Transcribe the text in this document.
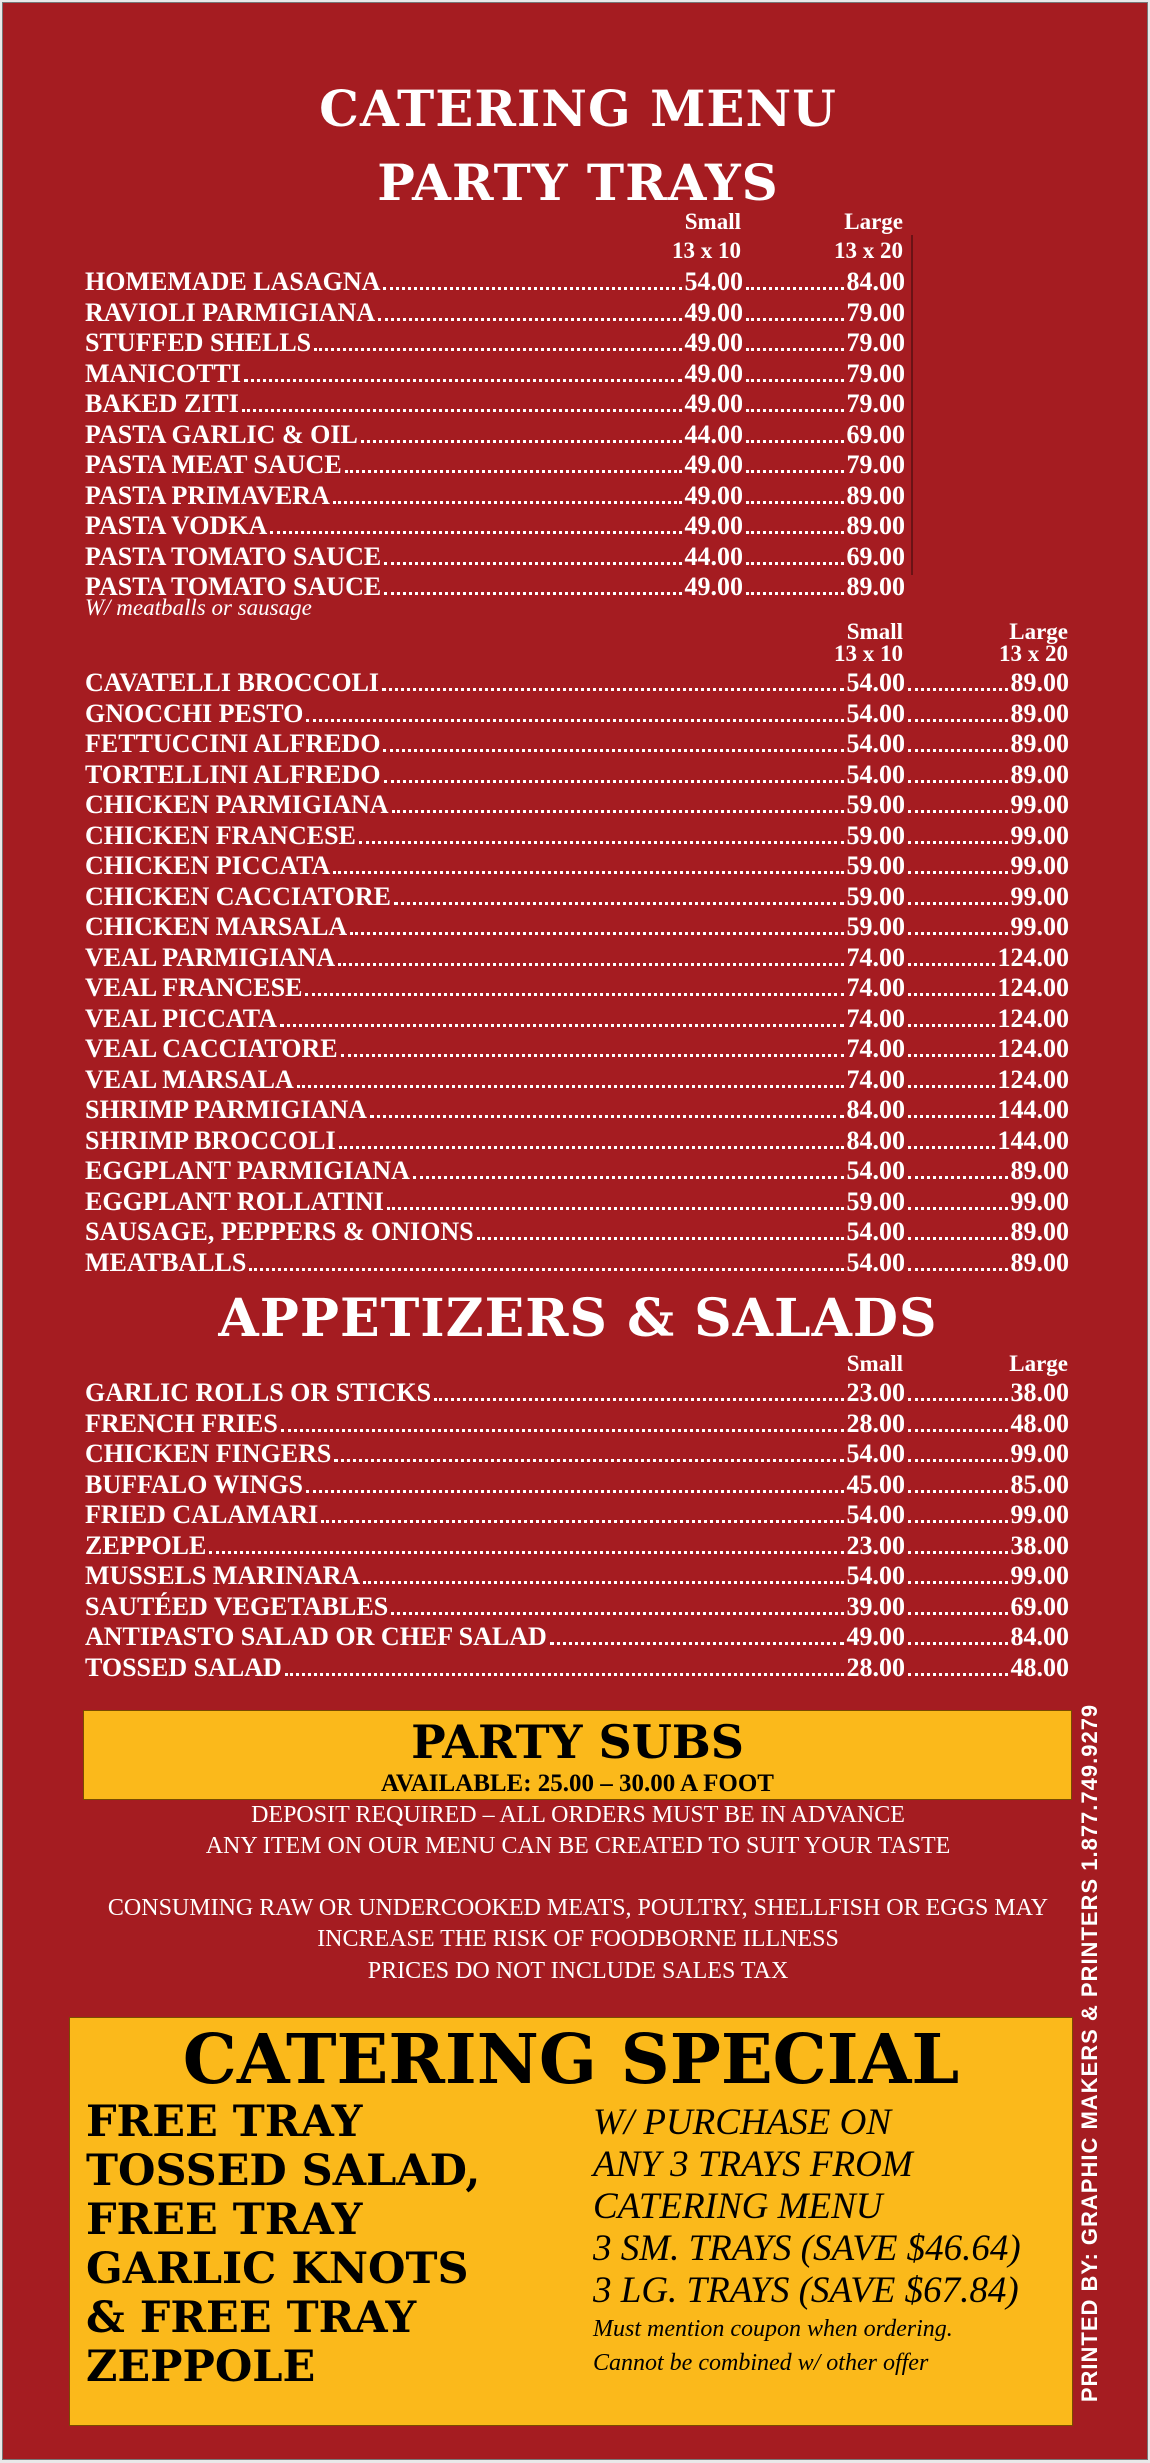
CATERING MENU
PARTY TRAYS
Small	Large
13 x 10	13 x 20
HOMEMADE LASAGNA	54.00	84.00
RAVIOLI PARMIGIANA	49.00	79.00
STUFFED SHELLS	49.00	79.00
MANICOTTI	49.00	79.00
BAKED ZITI	49.00	79.00
PASTA GARLIC & OIL	44.00	69.00
PASTA MEAT SAUCE	49.00	79.00
PASTA PRIMAVERA	49.00	89.00
PASTA VODKA	49.00	89.00
PASTA TOMATO SAUCE	44.00	69.00
PASTA TOMATO SAUCE	49.00	89.00
W/ meatballs or sausage
Small	Large
13 x 10	13 x 20
CAVATELLI BROCCOLI	54.00	89.00
GNOCCHI PESTO	54.00	89.00
FETTUCCINI ALFREDO	54.00	89.00
TORTELLINI ALFREDO	54.00	89.00
CHICKEN PARMIGIANA	59.00	99.00
CHICKEN FRANCESE	59.00	99.00
CHICKEN PICCATA	59.00	99.00
CHICKEN CACCIATORE	59.00	99.00
CHICKEN MARSALA	59.00	99.00
VEAL PARMIGIANA	74.00	124.00
VEAL FRANCESE	74.00	124.00
VEAL PICCATA	74.00	124.00
VEAL CACCIATORE	74.00	124.00
VEAL MARSALA	74.00	124.00
SHRIMP PARMIGIANA	84.00	144.00
SHRIMP BROCCOLI	84.00	144.00
EGGPLANT PARMIGIANA	54.00	89.00
EGGPLANT ROLLATINI	59.00	99.00
SAUSAGE, PEPPERS & ONIONS	54.00	89.00
MEATBALLS	54.00	89.00
APPETIZERS & SALADS
Small	Large
GARLIC ROLLS OR STICKS	23.00	38.00
FRENCH FRIES	28.00	48.00
CHICKEN FINGERS	54.00	99.00
BUFFALO WINGS	45.00	85.00
FRIED CALAMARI	54.00	99.00
ZEPPOLE	23.00	38.00
MUSSELS MARINARA	54.00	99.00
SAUTÉED VEGETABLES	39.00	69.00
ANTIPASTO SALAD OR CHEF SALAD	49.00	84.00
TOSSED SALAD	28.00	48.00
PARTY SUBS
AVAILABLE: 25.00 – 30.00 A FOOT
DEPOSIT REQUIRED – ALL ORDERS MUST BE IN ADVANCE
ANY ITEM ON OUR MENU CAN BE CREATED TO SUIT YOUR TASTE
CONSUMING RAW OR UNDERCOOKED MEATS, POULTRY, SHELLFISH OR EGGS MAY
INCREASE THE RISK OF FOODBORNE ILLNESS
PRICES DO NOT INCLUDE SALES TAX
CATERING SPECIAL
FREE TRAY
TOSSED SALAD,
FREE TRAY
GARLIC KNOTS
& FREE TRAY
ZEPPOLE
W/ PURCHASE ON
ANY 3 TRAYS FROM
CATERING MENU
3 SM. TRAYS (SAVE $46.64)
3 LG. TRAYS (SAVE $67.84)
Must mention coupon when ordering.
Cannot be combined w/ other offer	PRINTED BY: GRAPHIC MAKERS & PRINTERS 1.877.749.9279
